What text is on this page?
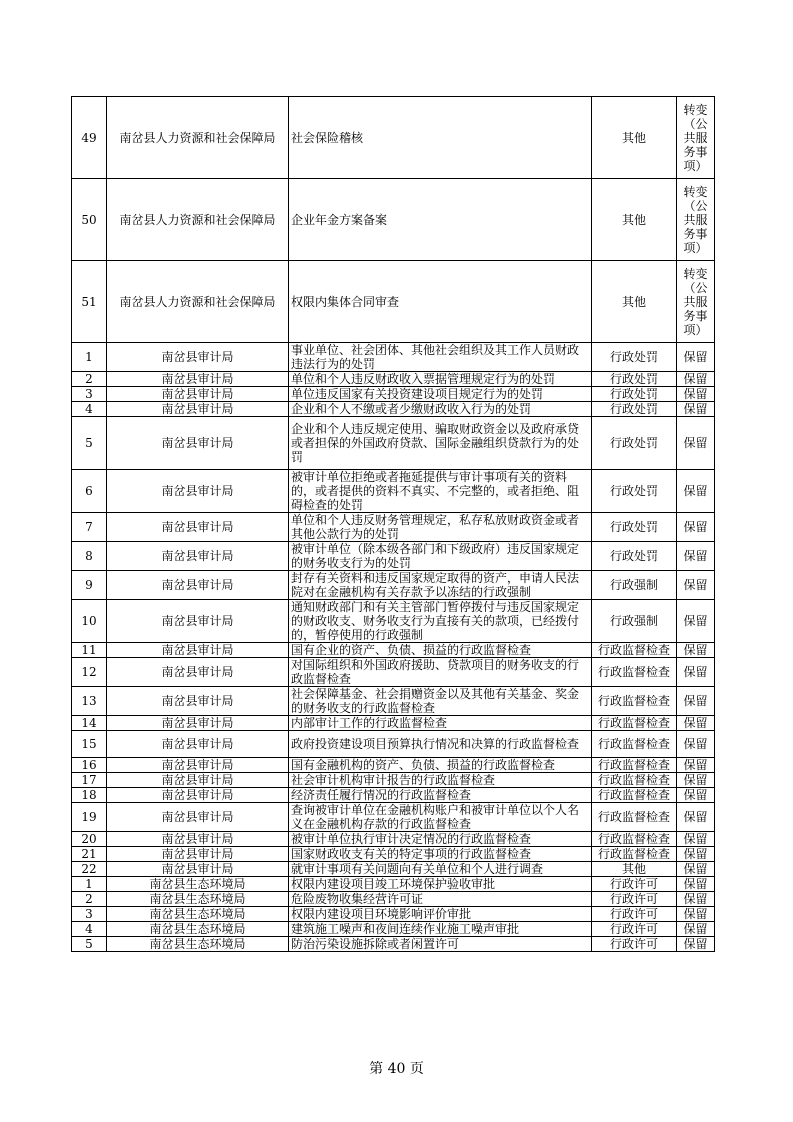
49	南岔县人力资源和社会保障局	社会保险稽核	其他	转变（公共服务事项）
50	南岔县人力资源和社会保障局	企业年金方案备案	其他	转变（公共服务事项）
51	南岔县人力资源和社会保障局	权限内集体合同审查	其他	转变（公共服务事项）
1	南岔县审计局	事业单位、社会团体、其他社会组织及其工作人员财政违法行为的处罚	行政处罚	保留
2	南岔县审计局	单位和个人违反财政收入票据管理规定行为的处罚	行政处罚	保留
3	南岔县审计局	单位违反国家有关投资建设项目规定行为的处罚	行政处罚	保留
4	南岔县审计局	企业和个人不缴或者少缴财政收入行为的处罚	行政处罚	保留
5	南岔县审计局	企业和个人违反规定使用、骗取财政资金以及政府承贷或者担保的外国政府贷款、国际金融组织贷款行为的处罚	行政处罚	保留
6	南岔县审计局	被审计单位拒绝或者拖延提供与审计事项有关的资料的，或者提供的资料不真实、不完整的，或者拒绝、阻碍检查的处罚	行政处罚	保留
7	南岔县审计局	单位和个人违反财务管理规定，私存私放财政资金或者其他公款行为的处罚	行政处罚	保留
8	南岔县审计局	被审计单位（除本级各部门和下级政府）违反国家规定的财务收支行为的处罚	行政处罚	保留
9	南岔县审计局	封存有关资料和违反国家规定取得的资产，申请人民法院对在金融机构有关存款予以冻结的行政强制	行政强制	保留
10	南岔县审计局	通知财政部门和有关主管部门暂停拨付与违反国家规定的财政收支、财务收支行为直接有关的款项，已经拨付的，暂停使用的行政强制	行政强制	保留
11	南岔县审计局	国有企业的资产、负债、损益的行政监督检查	行政监督检查	保留
12	南岔县审计局	对国际组织和外国政府援助、贷款项目的财务收支的行政监督检查	行政监督检查	保留
13	南岔县审计局	社会保障基金、社会捐赠资金以及其他有关基金、奖金的财务收支的行政监督检查	行政监督检查	保留
14	南岔县审计局	内部审计工作的行政监督检查	行政监督检查	保留
15	南岔县审计局	政府投资建设项目预算执行情况和决算的行政监督检查	行政监督检查	保留
16	南岔县审计局	国有金融机构的资产、负债、损益的行政监督检查	行政监督检查	保留
17	南岔县审计局	社会审计机构审计报告的行政监督检查	行政监督检查	保留
18	南岔县审计局	经济责任履行情况的行政监督检查	行政监督检查	保留
19	南岔县审计局	查询被审计单位在金融机构账户和被审计单位以个人名义在金融机构存款的行政监督检查	行政监督检查	保留
20	南岔县审计局	被审计单位执行审计决定情况的行政监督检查	行政监督检查	保留
21	南岔县审计局	国家财政收支有关的特定事项的行政监督检查	行政监督检查	保留
22	南岔县审计局	就审计事项有关问题向有关单位和个人进行调查	其他	保留
1	南岔县生态环境局	权限内建设项目竣工环境保护验收审批	行政许可	保留
2	南岔县生态环境局	危险废物收集经营许可证	行政许可	保留
3	南岔县生态环境局	权限内建设项目环境影响评价审批	行政许可	保留
4	南岔县生态环境局	建筑施工噪声和夜间连续作业施工噪声审批	行政许可	保留
5	南岔县生态环境局	防治污染设施拆除或者闲置许可	行政许可	保留
第 40 页
